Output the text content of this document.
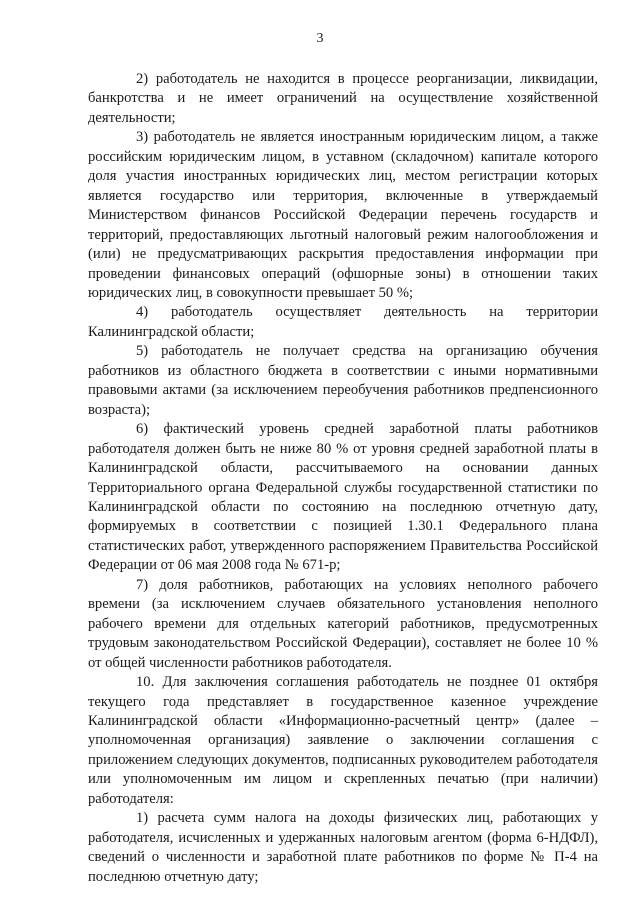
3

2) работодатель не находится в процессе реорганизации, ликвидации, банкротства и не имеет ограничений на осуществление хозяйственной деятельности;

3) работодатель не является иностранным юридическим лицом, а также российским юридическим лицом, в уставном (складочном) капитале которого доля участия иностранных юридических лиц, местом регистрации которых является государство или территория, включенные в утверждаемый Министерством финансов Российской Федерации перечень государств и территорий, предоставляющих льготный налоговый режим налогообложения и (или) не предусматривающих раскрытия предоставления информации при проведении финансовых операций (офшорные зоны) в отношении таких юридических лиц, в совокупности превышает 50 %;

4) работодатель осуществляет деятельность на территории Калининградской области;

5) работодатель не получает средства на организацию обучения работников из областного бюджета в соответствии с иными нормативными правовыми актами (за исключением переобучения работников предпенсионного возраста);

6) фактический уровень средней заработной платы работников работодателя должен быть не ниже 80 % от уровня средней заработной платы в Калининградской области, рассчитываемого на основании данных Территориального органа Федеральной службы государственной статистики по Калининградской области по состоянию на последнюю отчетную дату, формируемых в соответствии с позицией 1.30.1 Федерального плана статистических работ, утвержденного распоряжением Правительства Российской Федерации от 06 мая 2008 года № 671-р;

7) доля работников, работающих на условиях неполного рабочего времени (за исключением случаев обязательного установления неполного рабочего времени для отдельных категорий работников, предусмотренных трудовым законодательством Российской Федерации), составляет не более 10 % от общей численности работников работодателя.

10. Для заключения соглашения работодатель не позднее 01 октября текущего года представляет в государственное казенное учреждение Калининградской области «Информационно-расчетный центр» (далее – уполномоченная организация) заявление о заключении соглашения с приложением следующих документов, подписанных руководителем работодателя или уполномоченным им лицом и скрепленных печатью (при наличии) работодателя:

1) расчета сумм налога на доходы физических лиц, работающих у работодателя, исчисленных и удержанных налоговым агентом (форма 6-НДФЛ), сведений о численности и заработной плате работников по форме № П-4 на последнюю отчетную дату;
